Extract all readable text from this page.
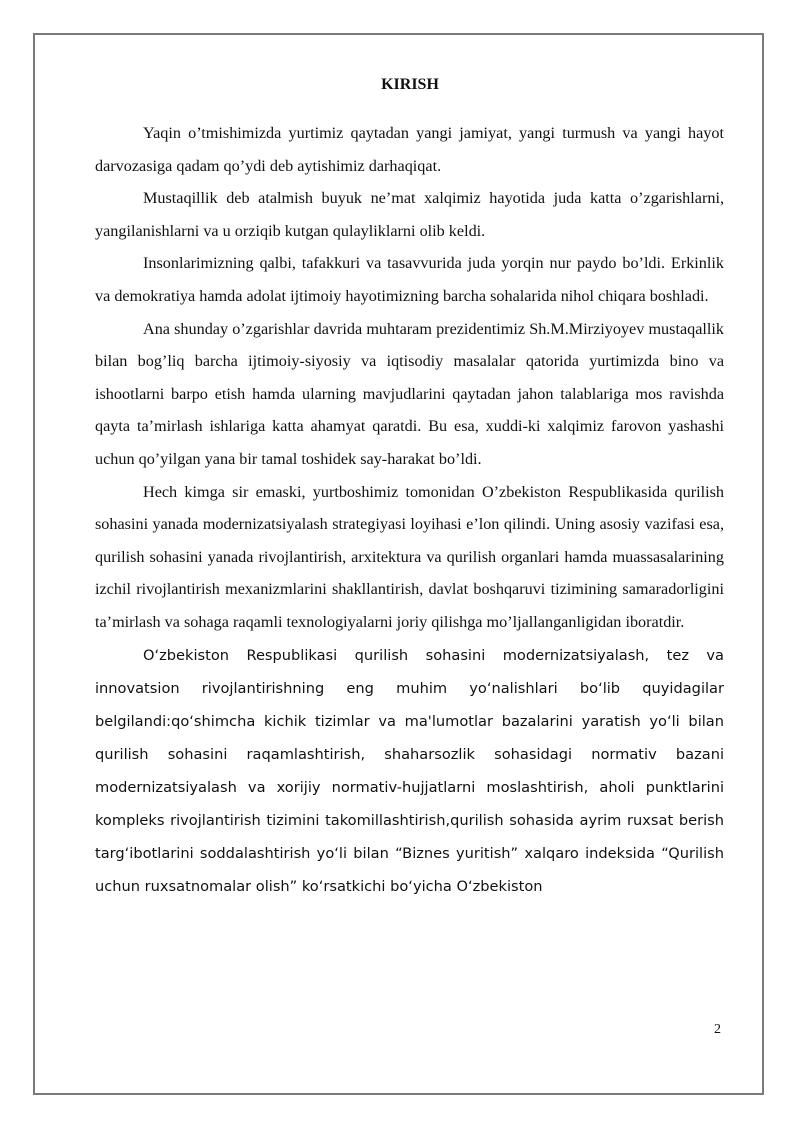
KIRISH

Yaqin o’tmishimizda yurtimiz qaytadan yangi jamiyat, yangi turmush va yangi hayot darvozasiga qadam qo’ydi deb aytishimiz darhaqiqat.

Mustaqillik deb atalmish buyuk ne’mat xalqimiz hayotida juda katta o’zgarishlarni, yangilanishlarni va u orziqib kutgan qulayliklarni olib keldi.

Insonlarimizning qalbi, tafakkuri va tasavvurida juda yorqin nur paydo bo’ldi. Erkinlik va demokratiya hamda adolat ijtimoiy hayotimizning barcha sohalarida nihol chiqara boshladi.

Ana shunday o’zgarishlar davrida muhtaram prezidentimiz Sh.M.Mirziyoyev mustaqallik bilan bog’liq barcha ijtimoiy-siyosiy va iqtisodiy masalalar qatorida yurtimizda bino va ishootlarni barpo etish hamda ularning mavjudlarini qaytadan jahon talablariga mos ravishda qayta ta’mirlash ishlariga katta ahamyat qaratdi. Bu esa, xuddi-ki xalqimiz farovon yashashi uchun qo’yilgan yana bir tamal toshidek say-harakat bo’ldi.

Hech kimga sir emaski, yurtboshimiz tomonidan O’zbekiston Respublikasida qurilish sohasini yanada modernizatsiyalash strategiyasi loyihasi e’lon qilindi. Uning asosiy vazifasi esa, qurilish sohasini yanada rivojlantirish, arxitektura va qurilish organlari hamda muassasalarining izchil rivojlantirish mexanizmlarini shakllantirish, davlat boshqaruvi tizimining samaradorligini ta’mirlash va sohaga raqamli texnologiyalarni joriy qilishga mo’ljallanganligidan iboratdir.

O‘zbekiston Respublikasi qurilish sohasini modernizatsiyalash, tez va innovatsion rivojlantirishning eng muhim yo‘nalishlari bo‘lib quyidagilar belgilandi:qo‘shimcha kichik tizimlar va ma'lumotlar bazalarini yaratish yo‘li bilan qurilish sohasini raqamlashtirish, shaharsozlik sohasidagi normativ bazani modernizatsiyalash va xorijiy normativ-hujjatlarni moslashtirish, aholi punktlarini kompleks rivojlantirish tizimini takomillashtirish,qurilish sohasida ayrim ruxsat berish targ‘ibotlarini soddalashtirish yo‘li bilan “Biznes yuritish” xalqaro indeksida “Qurilish uchun ruxsatnomalar olish” ko‘rsatkichi bo‘yicha O‘zbekiston

2
